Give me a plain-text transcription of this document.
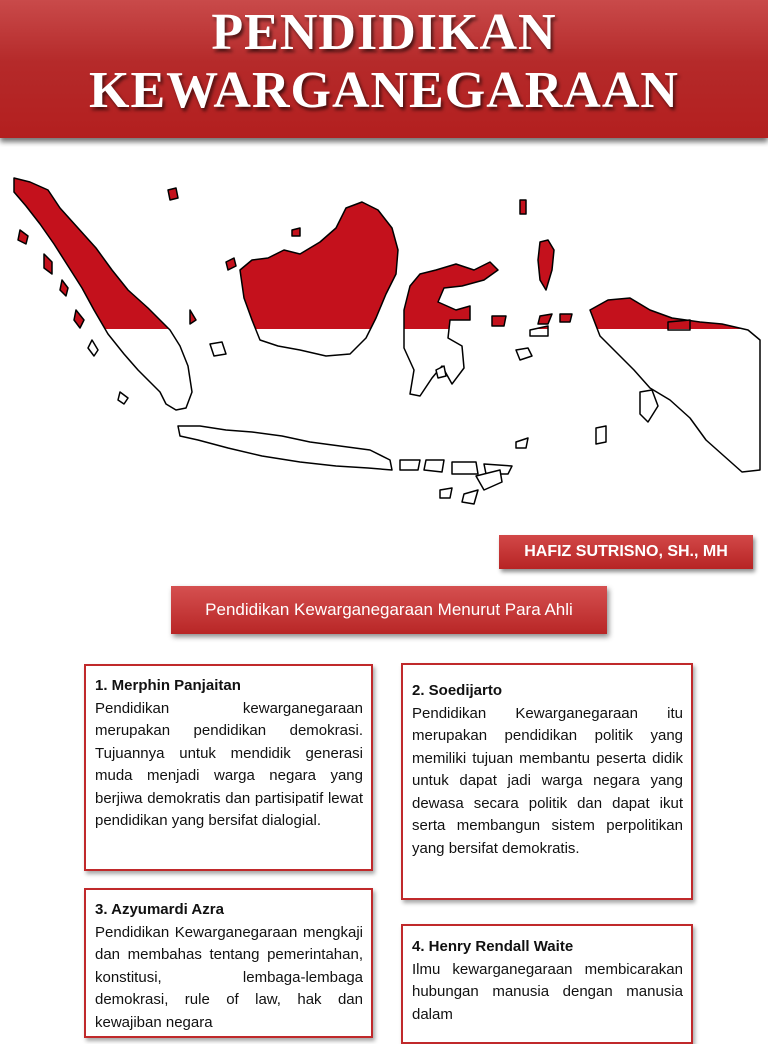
PENDIDIKAN
KEWARGANEGARAAN
HAFIZ SUTRISNO, SH., MH
Pendidikan Kewarganegaraan Menurut Para Ahli
1. Merphin Panjaitan

Pendidikan kewarganegaraan merupakan pendidikan demokrasi. Tujuannya untuk mendidik generasi muda menjadi warga negara yang berjiwa demokratis dan partisipatif lewat pendidikan yang bersifat dialogial.

2. Soedijarto

Pendidikan Kewarganegaraan itu merupakan pendidikan politik yang memiliki tujuan membantu peserta didik untuk dapat jadi warga negara yang dewasa secara politik dan dapat ikut serta membangun sistem perpolitikan yang bersifat demokratis.

3. Azyumardi Azra

Pendidikan Kewarganegaraan mengkaji dan membahas tentang pemerintahan, konstitusi, lembaga-lembaga demokrasi, rule of law, hak dan kewajiban negara

4. Henry Rendall Waite

Ilmu kewarganegaraan membicarakan hubungan manusia dengan manusia dalam
